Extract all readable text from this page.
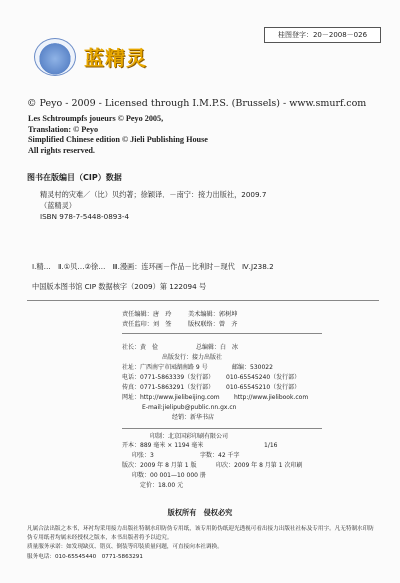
桂图登字：20－2008－026
蓝精灵
© Peyo - 2009 - Licensed through I.M.P.S. (Brussels) - www.smurf.com
Les Schtroumpfs joueurs © Peyo 2005,
Translation: © Peyo
Simplified Chinese edition © Jieli Publishing House
All rights reserved.
图书在版编目（CIP）数据
精灵村的灾难／（比）贝约著；徐颖译．－南宁：接力出版社，2009.7
（蓝精灵）
ISBN 978-7-5448-0893-4
Ⅰ.精…　Ⅱ.①贝…②徐…　Ⅲ.漫画：连环画－作品－比利时－现代　Ⅳ.J238.2
中国版本图书馆 CIP 数据核字（2009）第 122094 号
责任编辑：唐　玲	美术编辑：郭树坤
责任监印：刘　签	版权联络：曾　齐
社长：黄　俭	总编辑：白　冰
出版发行：接力出版社
社址：广西南宁市园湖南路 9 号	邮编：530022
电话：0771-5863339（发行部） 010-65545240（发行部）
传真：0771-5863291（发行部） 010-65545210（发行部）
网址：http://www.jielibeijing.com http://www.jielibook.com
E-mail:jielipub@public.nn.gx.cn
经销：新华书店
印制：北京国彩印刷有限公司
开本：889 毫米 × 1194 毫米	1/16
印张：3	字数：42 千字
版次：2009 年 8 月第 1 版	印次：2009 年 8 月第 1 次印刷
印数：00 001—10 000 册
定价：18.00 元
版权所有　侵权必究
凡属合法出版之本书，环衬均采用接力出版社特制水印防伪专用纸，该专用防伪纸迎光透视可看出接力出版社社标及专用字。凡无特制水印防伪专用纸者均属未经授权之版本，本书出版者将予以追究。
质量服务承诺：如发现缺页、错页、倒装等印装质量问题，可直接向本社调换。
服务电话：010-65545440　0771-5863291
